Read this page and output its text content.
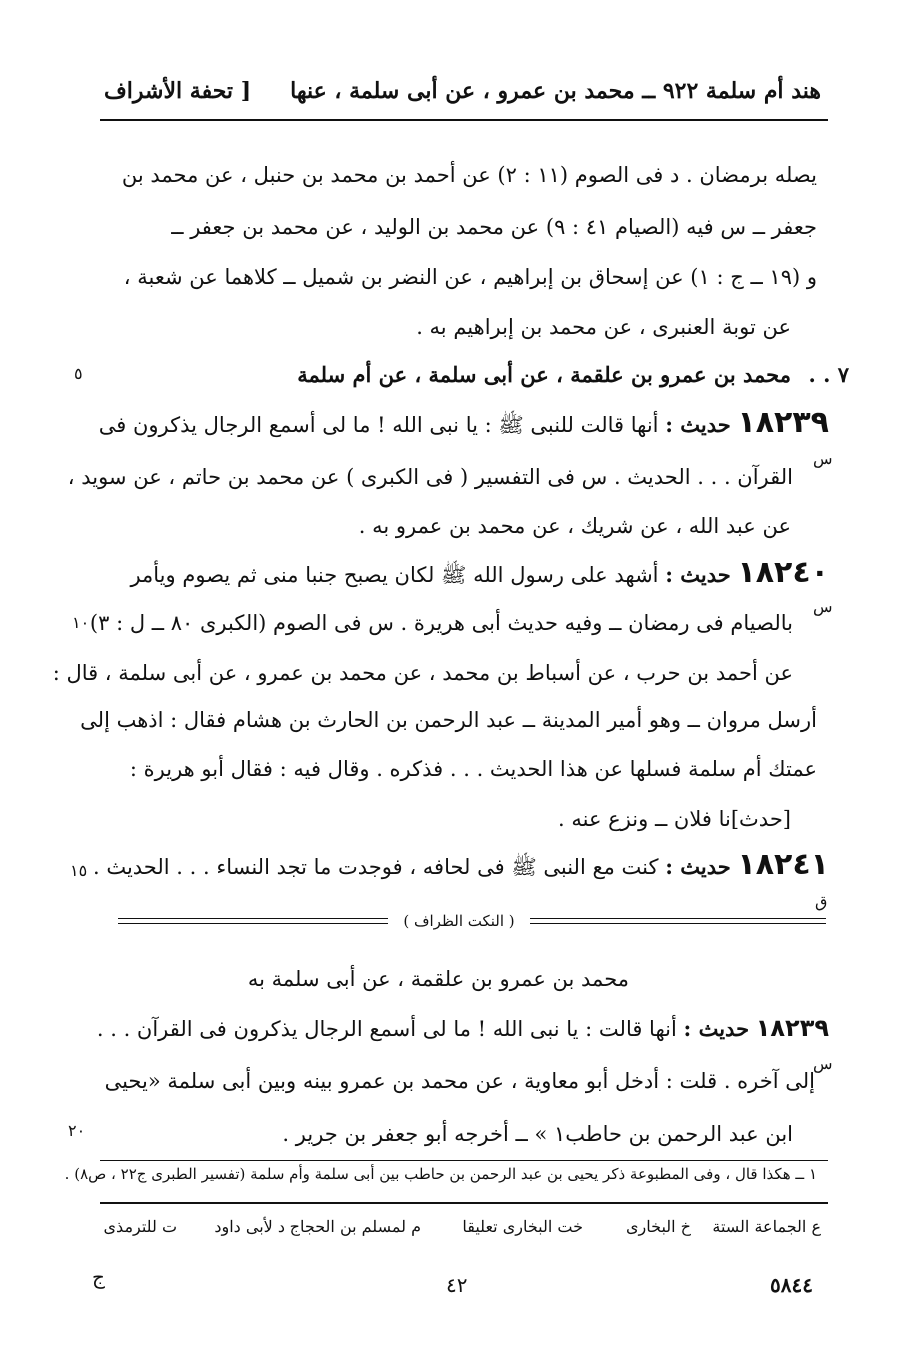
هند أم سلمة ٩٢٢ ــ محمد بن عمرو ، عن أبى سلمة ، عنها
[ تحفة الأشراف
يصله برمضان . د فى الصوم (١١ : ٢) عن أحمد بن محمد بن حنبل ، عن محمد بن
جعفر ــ س فيه (الصيام ٤١ : ٩) عن محمد بن الوليد ، عن محمد بن جعفر ــ
و (١٩ ــ ج : ١) عن إسحاق بن إبراهيم ، عن النضر بن شميل ــ كلاهما عن شعبة ،
عن توبة العنبرى ، عن محمد بن إبراهيم به .
٧ . .
محمد بن عمرو بن علقمة ، عن أبى سلمة ، عن أم سلمة
٥
١٨٢٣٩ حديث : أنها قالت للنبى ﷺ : يا نبى الله ! ما لى أسمع الرجال يذكرون فى
س
القرآن . . . الحديث . س فى التفسير ( فى الكبرى ) عن محمد بن حاتم ، عن سويد ،
عن عبد الله ، عن شريك ، عن محمد بن عمرو به .
١٨٢٤٠ حديث : أشهد على رسول الله ﷺ لكان يصبح جنبا منى ثم يصوم ويأمر
س
١٠ بالصيام فى رمضان ــ وفيه حديث أبى هريرة . س فى الصوم (الكبرى ٨٠ ــ ل : ٣)
عن أحمد بن حرب ، عن أسباط بن محمد ، عن محمد بن عمرو ، عن أبى سلمة ، قال :
أرسل مروان ــ وهو أمير المدينة ــ عبد الرحمن بن الحارث بن هشام فقال : اذهب إلى
عمتك أم سلمة فسلها عن هذا الحديث . . . فذكره . وقال فيه : فقال أبو هريرة :
[حدث]نا فلان ــ ونزع عنه .
١٨٢٤١ حديث : كنت مع النبى ﷺ فى لحافه ، فوجدت ما تجد النساء . . . الحديث .
١٥
ق
( النكت الظراف )
محمد بن عمرو بن علقمة ، عن أبى سلمة به
١٨٢٣٩ حديث : أنها قالت : يا نبى الله ! ما لى أسمع الرجال يذكرون فى القرآن . . .
س
إلى آخره . قلت : أدخل أبو معاوية ، عن محمد بن عمرو بينه وبين أبى سلمة «يحيى
ابن عبد الرحمن بن حاطب١ » ــ أخرجه أبو جعفر بن جرير .
٢٠
١ ــ هكذا قال ، وفى المطبوعة ذكر يحيى بن عبد الرحمن بن حاطب بين أبى سلمة وأم سلمة (تفسير الطبرى ج٢٢ ، ص٨) .
ع الجماعة الستة
خ البخارى
خت البخارى تعليقا
م لمسلم بن الحجاج
د لأبى داود
ت للترمذى
ج	٤٢	٥٨٤٤
